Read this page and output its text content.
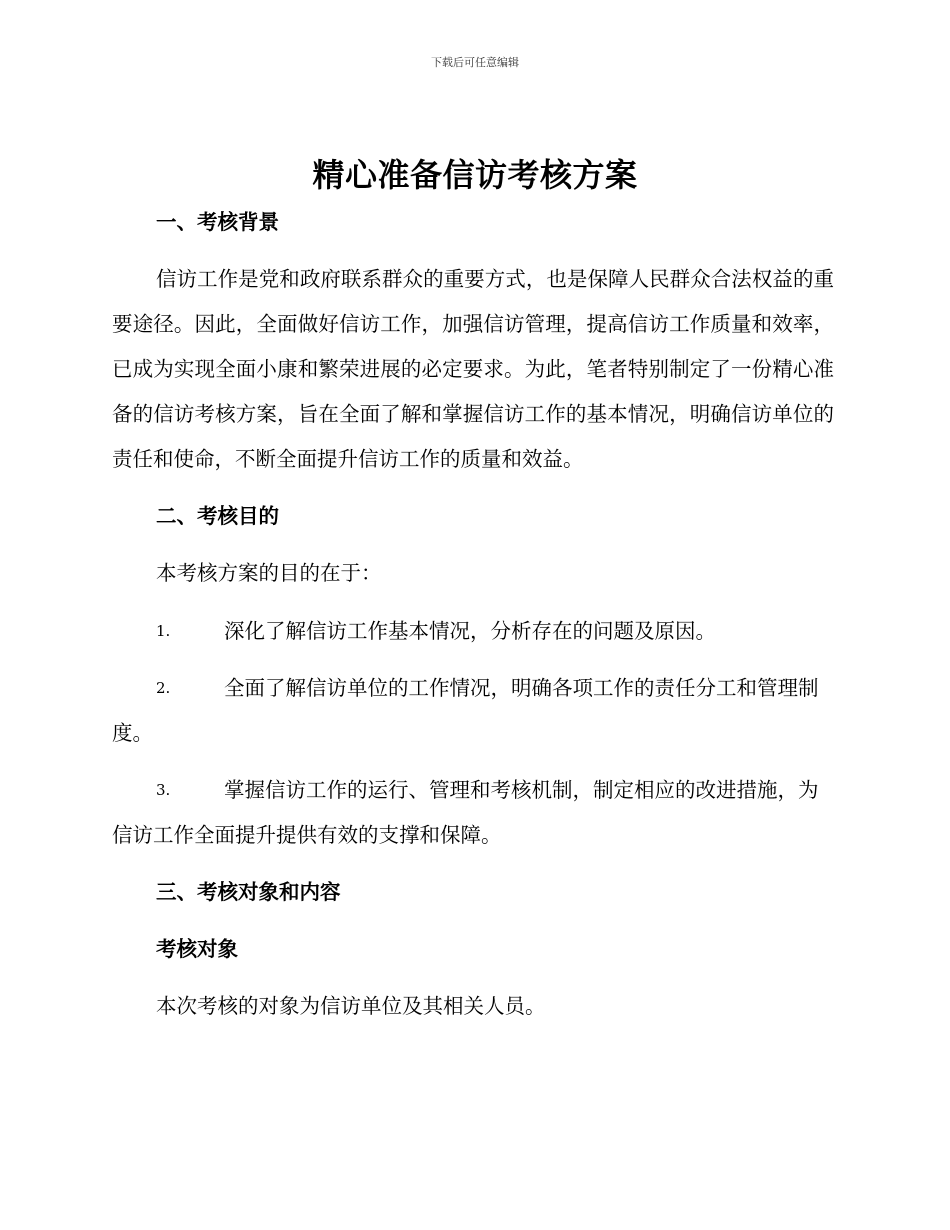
下载后可任意编辑
精心准备信访考核方案
一、考核背景
信访工作是党和政府联系群众的重要方式，也是保障人民群众合法权益的重要途径。因此，全面做好信访工作，加强信访管理，提高信访工作质量和效率，已成为实现全面小康和繁荣进展的必定要求。为此，笔者特别制定了一份精心准备的信访考核方案，旨在全面了解和掌握信访工作的基本情况，明确信访单位的责任和使命，不断全面提升信访工作的质量和效益。
二、考核目的
本考核方案的目的在于：
1.	深化了解信访工作基本情况，分析存在的问题及原因。
2.	全面了解信访单位的工作情况，明确各项工作的责任分工和管理制度。
3.	掌握信访工作的运行、管理和考核机制，制定相应的改进措施，为信访工作全面提升提供有效的支撑和保障。
三、考核对象和内容
考核对象
本次考核的对象为信访单位及其相关人员。
